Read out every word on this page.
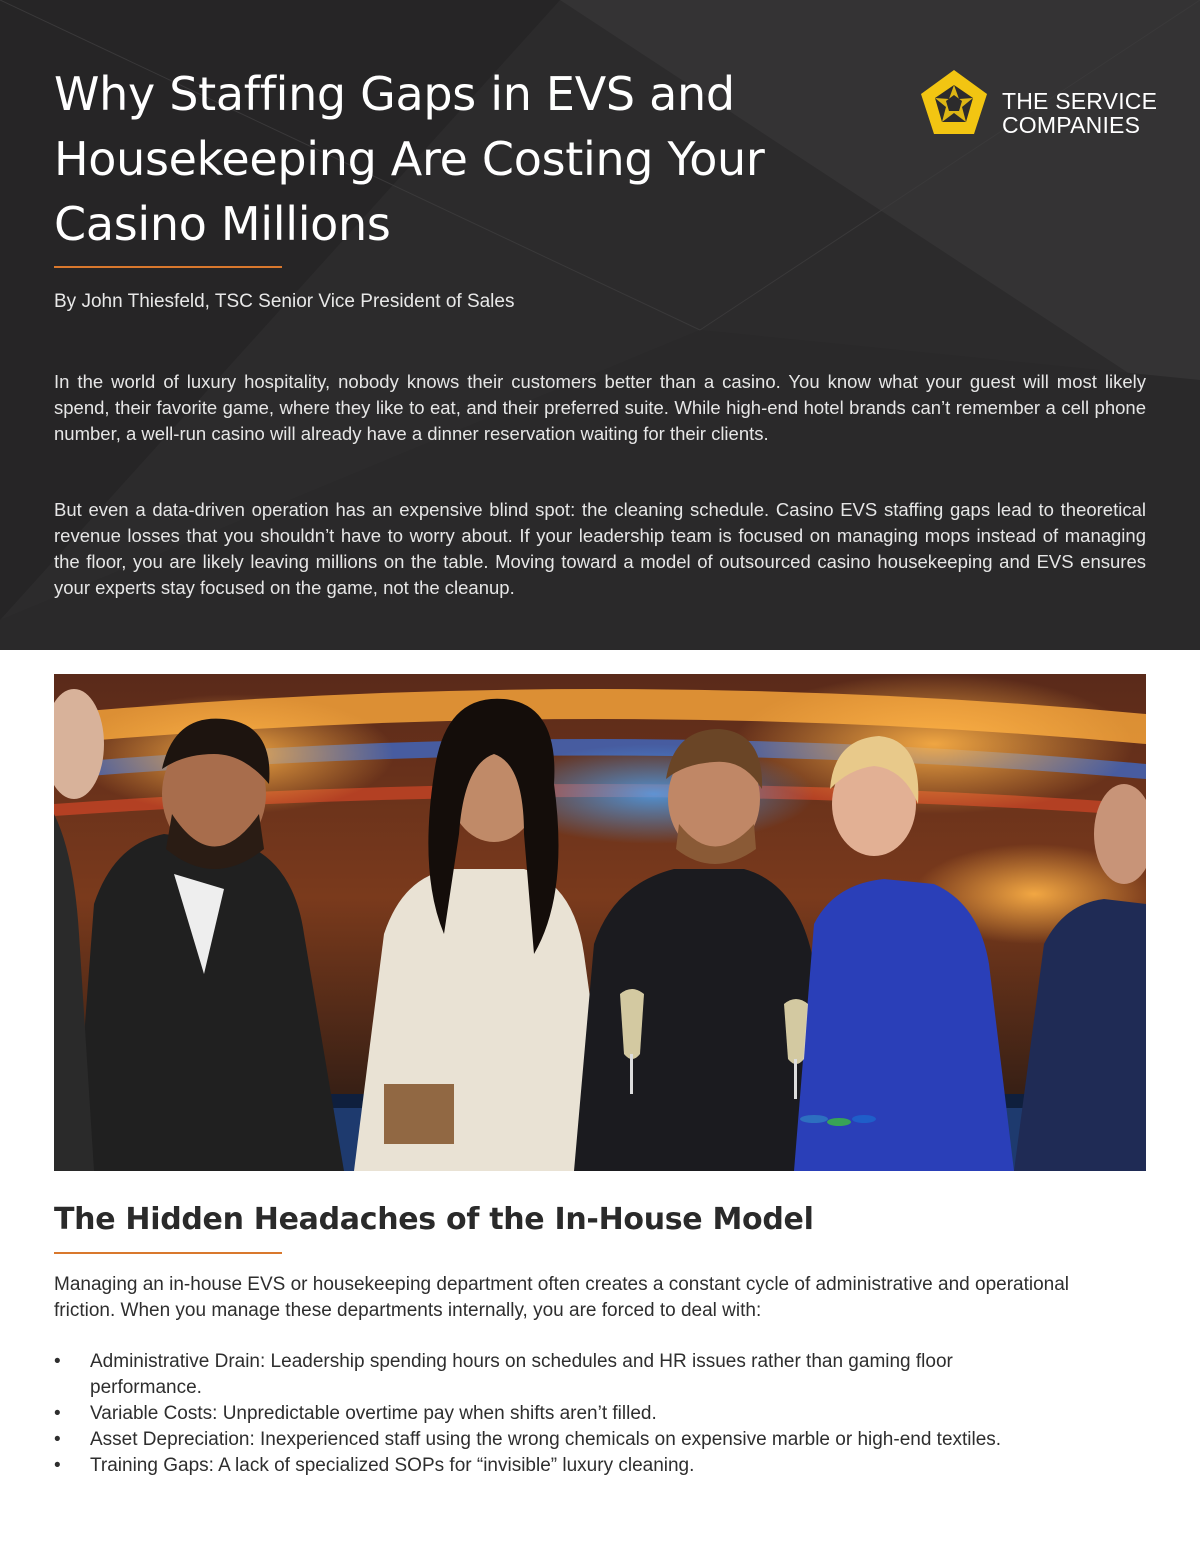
Why Staffing Gaps in EVS and Housekeeping Are Costing Your Casino Millions
By John Thiesfeld, TSC Senior Vice President of Sales

In the world of luxury hospitality, nobody knows their customers better than a casino. You know what your guest will most likely spend, their favorite game, where they like to eat, and their preferred suite. While high-end hotel brands can’t remember a cell phone number, a well-run casino will already have a dinner reservation waiting for their clients.

But even a data-driven operation has an expensive blind spot: the cleaning schedule. Casino EVS staffing gaps lead to theoretical revenue losses that you shouldn’t have to worry about. If your leadership team is focused on managing mops instead of managing the floor, you are likely leaving millions on the table. Moving toward a model of outsourced casino housekeeping and EVS ensures your experts stay focused on the game, not the cleanup.

THE SERVICE
COMPANIES
The Hidden Headaches of the In-House Model

Managing an in-house EVS or housekeeping department often creates a constant cycle of administrative and operational friction. When you manage these departments internally, you are forced to deal with:

• Administrative Drain: Leadership spending hours on schedules and HR issues rather than gaming floor performance.
• Variable Costs: Unpredictable overtime pay when shifts aren’t filled.
• Asset Depreciation: Inexperienced staff using the wrong chemicals on expensive marble or high-end textiles.
• Training Gaps: A lack of specialized SOPs for “invisible” luxury cleaning.
